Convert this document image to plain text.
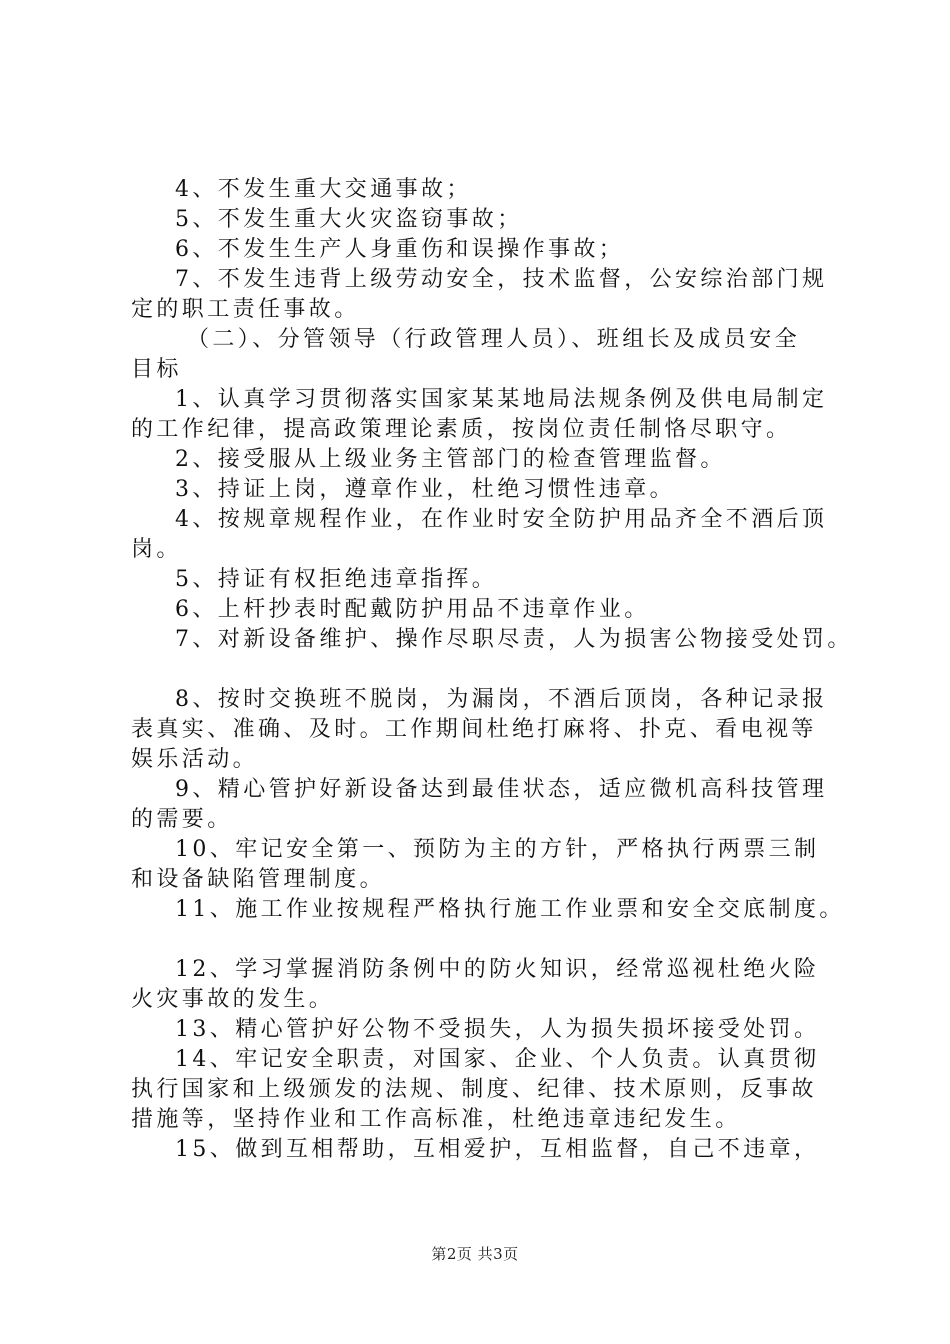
4、不发生重大交通事故；
5、不发生重大火灾盗窃事故；
6、不发生生产人身重伤和误操作事故；
7、不发生违背上级劳动安全，技术监督，公安综治部门规
定的职工责任事故。
（二）、分管领导（行政管理人员）、班组长及成员安全
目标
1、认真学习贯彻落实国家某某地局法规条例及供电局制定
的工作纪律，提高政策理论素质，按岗位责任制恪尽职守。
2、接受服从上级业务主管部门的检查管理监督。
3、持证上岗，遵章作业，杜绝习惯性违章。
4、按规章规程作业，在作业时安全防护用品齐全不酒后顶
岗。
5、持证有权拒绝违章指挥。
6、上杆抄表时配戴防护用品不违章作业。
7、对新设备维护、操作尽职尽责，人为损害公物接受处罚。
8、按时交换班不脱岗，为漏岗，不酒后顶岗，各种记录报
表真实、准确、及时。工作期间杜绝打麻将、扑克、看电视等
娱乐活动。
9、精心管护好新设备达到最佳状态，适应微机高科技管理
的需要。
10、牢记安全第一、预防为主的方针，严格执行两票三制
和设备缺陷管理制度。
11、施工作业按规程严格执行施工作业票和安全交底制度。
12、学习掌握消防条例中的防火知识，经常巡视杜绝火险
火灾事故的发生。
13、精心管护好公物不受损失，人为损失损坏接受处罚。
14、牢记安全职责，对国家、企业、个人负责。认真贯彻
执行国家和上级颁发的法规、制度、纪律、技术原则，反事故
措施等，坚持作业和工作高标准，杜绝违章违纪发生。
15、做到互相帮助，互相爱护，互相监督，自己不违章，
第2页 共3页
